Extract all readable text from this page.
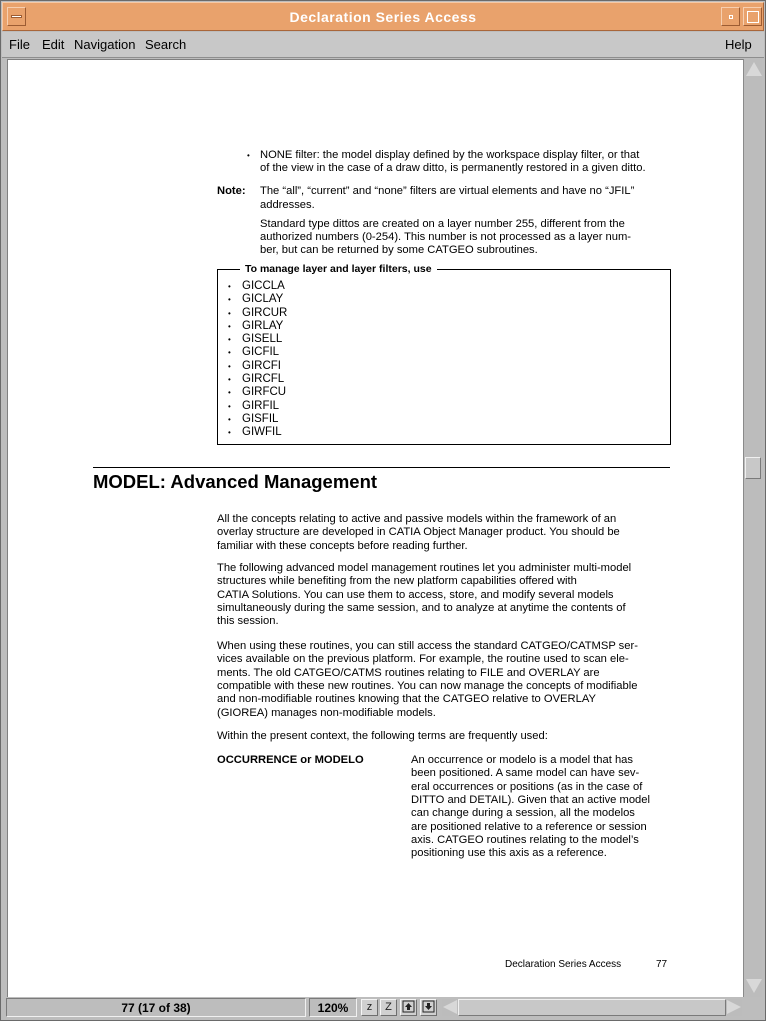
Declaration Series Access
File Edit Navigation Search	Help
• NONE filter: the model display defined by the workspace display filter, or that
of the view in the case of a draw ditto, is permanently restored in a given ditto.
Note: The “all”, “current” and “none” filters are virtual elements and have no “JFIL”
addresses.
Standard type dittos are created on a layer number 255, different from the
authorized numbers (0-254). This number is not processed as a layer num-
ber, but can be returned by some CATGEO subroutines.
To manage layer and layer filters, use
• GICCLA
• GICLAY
• GIRCUR
• GIRLAY
• GISELL
• GICFIL
• GIRCFI
• GIRCFL
• GIRFCU
• GIRFIL
• GISFIL
• GIWFIL
MODEL: Advanced Management
All the concepts relating to active and passive models within the framework of an
overlay structure are developed in CATIA Object Manager product. You should be
familiar with these concepts before reading further.
The following advanced model management routines let you administer multi-model
structures while benefiting from the new platform capabilities offered with
CATIA Solutions. You can use them to access, store, and modify several models
simultaneously during the same session, and to analyze at anytime the contents of
this session.
When using these routines, you can still access the standard CATGEO/CATMSP ser-
vices available on the previous platform. For example, the routine used to scan ele-
ments. The old CATGEO/CATMS routines relating to FILE and OVERLAY are
compatible with these new routines. You can now manage the concepts of modifiable
and non-modifiable routines knowing that the CATGEO relative to OVERLAY
(GIOREA) manages non-modifiable models.
Within the present context, the following terms are frequently used:
OCCURRENCE or MODELO	An occurrence or modelo is a model that has
been positioned. A same model can have sev-
eral occurrences or positions (as in the case of
DITTO and DETAIL). Given that an active model
can change during a session, all the modelos
are positioned relative to a reference or session
axis. CATGEO routines relating to the model’s
positioning use this axis as a reference.
Declaration Series Access	77
77 (17 of 38)	120%	z	Z
